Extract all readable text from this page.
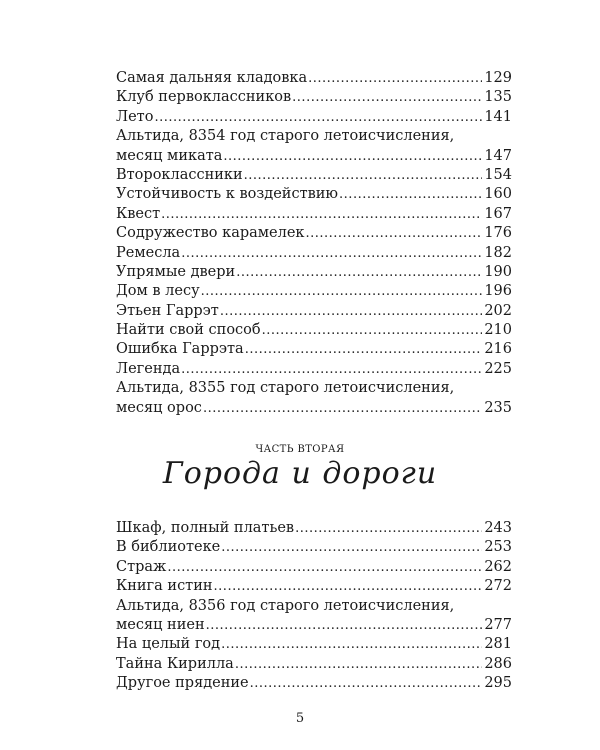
Самая дальняя кладовка .....	129
Клуб первоклассников .....	135
Лето .....	141
Альтида, 8354 год старого летоисчисления,
месяц миката .....	147
Второклассники .....	154
Устойчивость к воздействию .....	160
Квест .....	167
Содружество карамелек .....	176
Ремесла .....	182
Упрямые двери .....	190
Дом в лесу .....	196
Этьен Гаррэт .....	202
Найти свой способ .....	210
Ошибка Гаррэта .....	216
Легенда .....	225
Альтида, 8355 год старого летоисчисления,
месяц орос .....	235
ЧАСТЬ ВТОРАЯ
Города и дороги
Шкаф, полный платьев .....	243
В библиотеке .....	253
Страж .....	262
Книга истин .....	272
Альтида, 8356 год старого летоисчисления,
месяц ниен .....	277
На целый год .....	281
Тайна Кирилла .....	286
Другое прядение .....	295
5
